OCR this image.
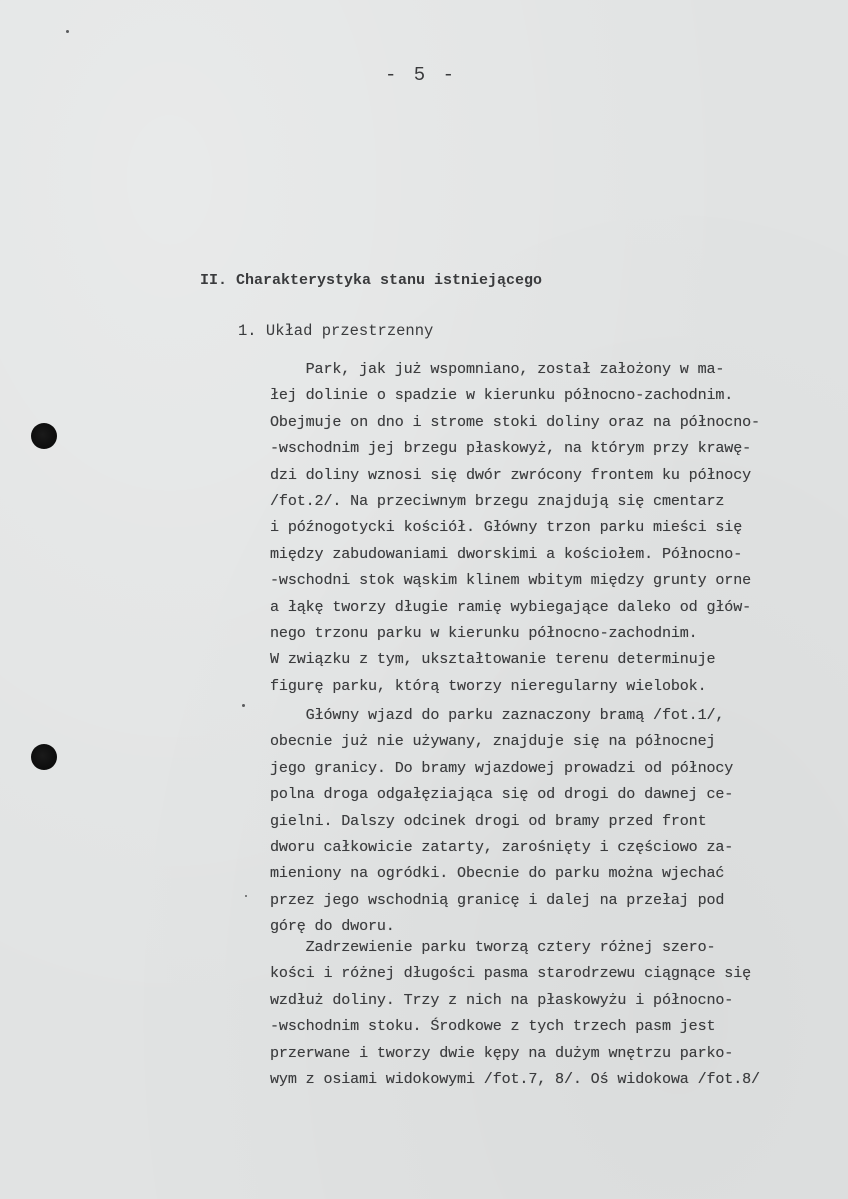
- 5 -
II. Charakterystyka stanu istniejącego
1. Układ przestrzenny

Park, jak już wspomniano, został założony w ma-
łej dolinie o spadzie w kierunku północno-zachodnim.
Obejmuje on dno i strome stoki doliny oraz na północno-
-wschodnim jej brzegu płaskowyż, na którym przy krawę-
dzi doliny wznosi się dwór zwrócony frontem ku północy
/fot.2/. Na przeciwnym brzegu znajdują się cmentarz
i późnogotycki kościół. Główny trzon parku mieści się
między zabudowaniami dworskimi a kościołem. Północno-
-wschodni stok wąskim klinem wbitym między grunty orne
a łąkę tworzy długie ramię wybiegające daleko od głów-
nego trzonu parku w kierunku północno-zachodnim.
W związku z tym, ukształtowanie terenu determinuje
figurę parku, którą tworzy nieregularny wielobok.

Główny wjazd do parku zaznaczony bramą /fot.1/,
obecnie już nie używany, znajduje się na północnej
jego granicy. Do bramy wjazdowej prowadzi od północy
polna droga odgałęziająca się od drogi do dawnej ce-
gielni. Dalszy odcinek drogi od bramy przed front
dworu całkowicie zatarty, zarośnięty i częściowo za-
mieniony na ogródki. Obecnie do parku można wjechać
przez jego wschodnią granicę i dalej na przełaj pod
górę do dworu.

Zadrzewienie parku tworzą cztery różnej szero-
kości i różnej długości pasma starodrzewu ciągnące się
wzdłuż doliny. Trzy z nich na płaskowyżu i północno-
-wschodnim stoku. Środkowe z tych trzech pasm jest
przerwane i tworzy dwie kępy na dużym wnętrzu parko-
wym z osiami widokowymi /fot.7, 8/. Oś widokowa /fot.8/
